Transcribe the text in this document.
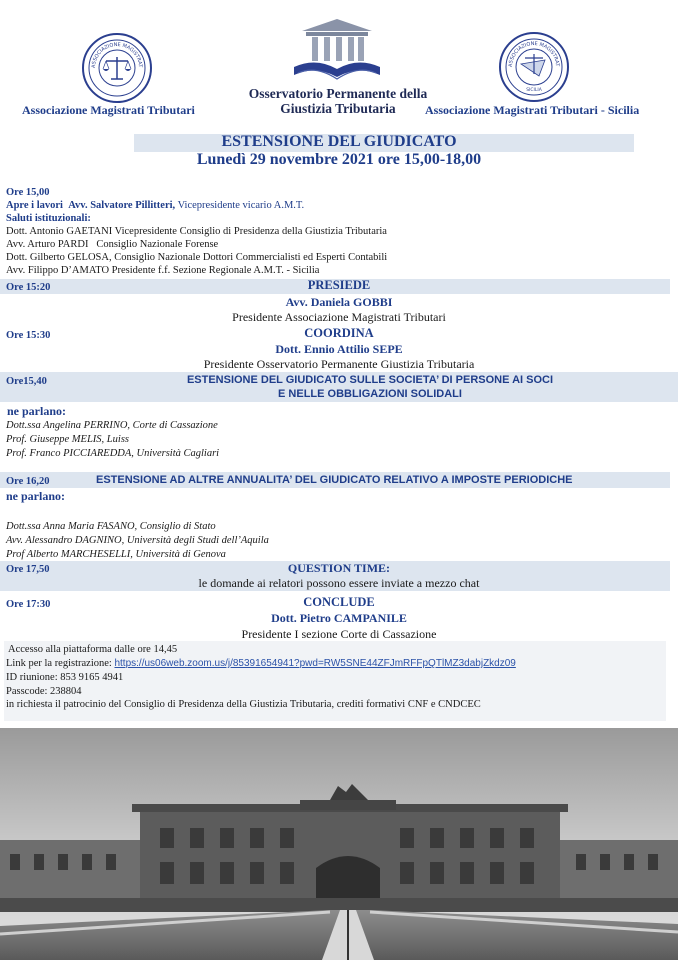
ASSOCIAZIONE MAGISTRAT	ASSOCIAZIONE MAGISTRAT
SICILIA
Associazione Magistrati Tributari
Osservatorio Permanente della
Giustizia Tributaria	Associazione Magistrati Tributari - Sicilia
ESTENSIONE DEL GIUDICATO
Lunedì 29 novembre 2021 ore 15,00-18,00
Ore 15,00
Apre i lavori Avv. Salvatore Pillitteri, Vicepresidente vicario A.M.T.
Saluti istituzionali:
Dott. Antonio GAETANI Vicepresidente Consiglio di Presidenza della Giustizia Tributaria
Avv. Arturo PARDI   Consiglio Nazionale Forense
Dott. Gilberto GELOSA, Consiglio Nazionale Dottori Commercialisti ed Esperti Contabili
Avv. Filippo D’AMATO Presidente f.f. Sezione Regionale A.M.T. - Sicilia
Ore 15:20	PRESIEDE
Avv. Daniela GOBBI
Presidente Associazione Magistrati Tributari
Ore 15:30	COORDINA
Dott. Ennio Attilio SEPE
Presidente Osservatorio Permanente Giustizia Tributaria
Ore15,40	ESTENSIONE DEL GIUDICATO SULLE SOCIETA’ DI PERSONE AI SOCI
E NELLE OBBLIGAZIONI SOLIDALI
ne parlano:
Dott.ssa Angelina PERRINO, Corte di Cassazione
Prof. Giuseppe MELIS, Luiss
Prof. Franco PICCIAREDDA, Università Cagliari
Ore 16,20	ESTENSIONE AD ALTRE ANNUALITA’ DEL GIUDICATO RELATIVO A IMPOSTE PERIODICHE
ne parlano:
Dott.ssa Anna Maria FASANO, Consiglio di Stato
Avv. Alessandro DAGNINO, Università degli Studi dell’Aquila
Prof Alberto MARCHESELLI, Università di Genova
Ore 17,50	QUESTION TIME:
le domande ai relatori possono essere inviate a mezzo chat
Ore 17:30	CONCLUDE
Dott. Pietro CAMPANILE
Presidente I sezione Corte di Cassazione
Accesso alla piattaforma dalle ore 14,45
Link per la registrazione: https://us06web.zoom.us/j/85391654941?pwd=RW5SNE44ZFJmRFFpQTlMZ3dabjZkdz09
ID riunione: 853 9165 4941
Passcode: 238804
in richiesta il patrocinio del Consiglio di Presidenza della Giustizia Tributaria, crediti formativi CNF e CNDCEC
